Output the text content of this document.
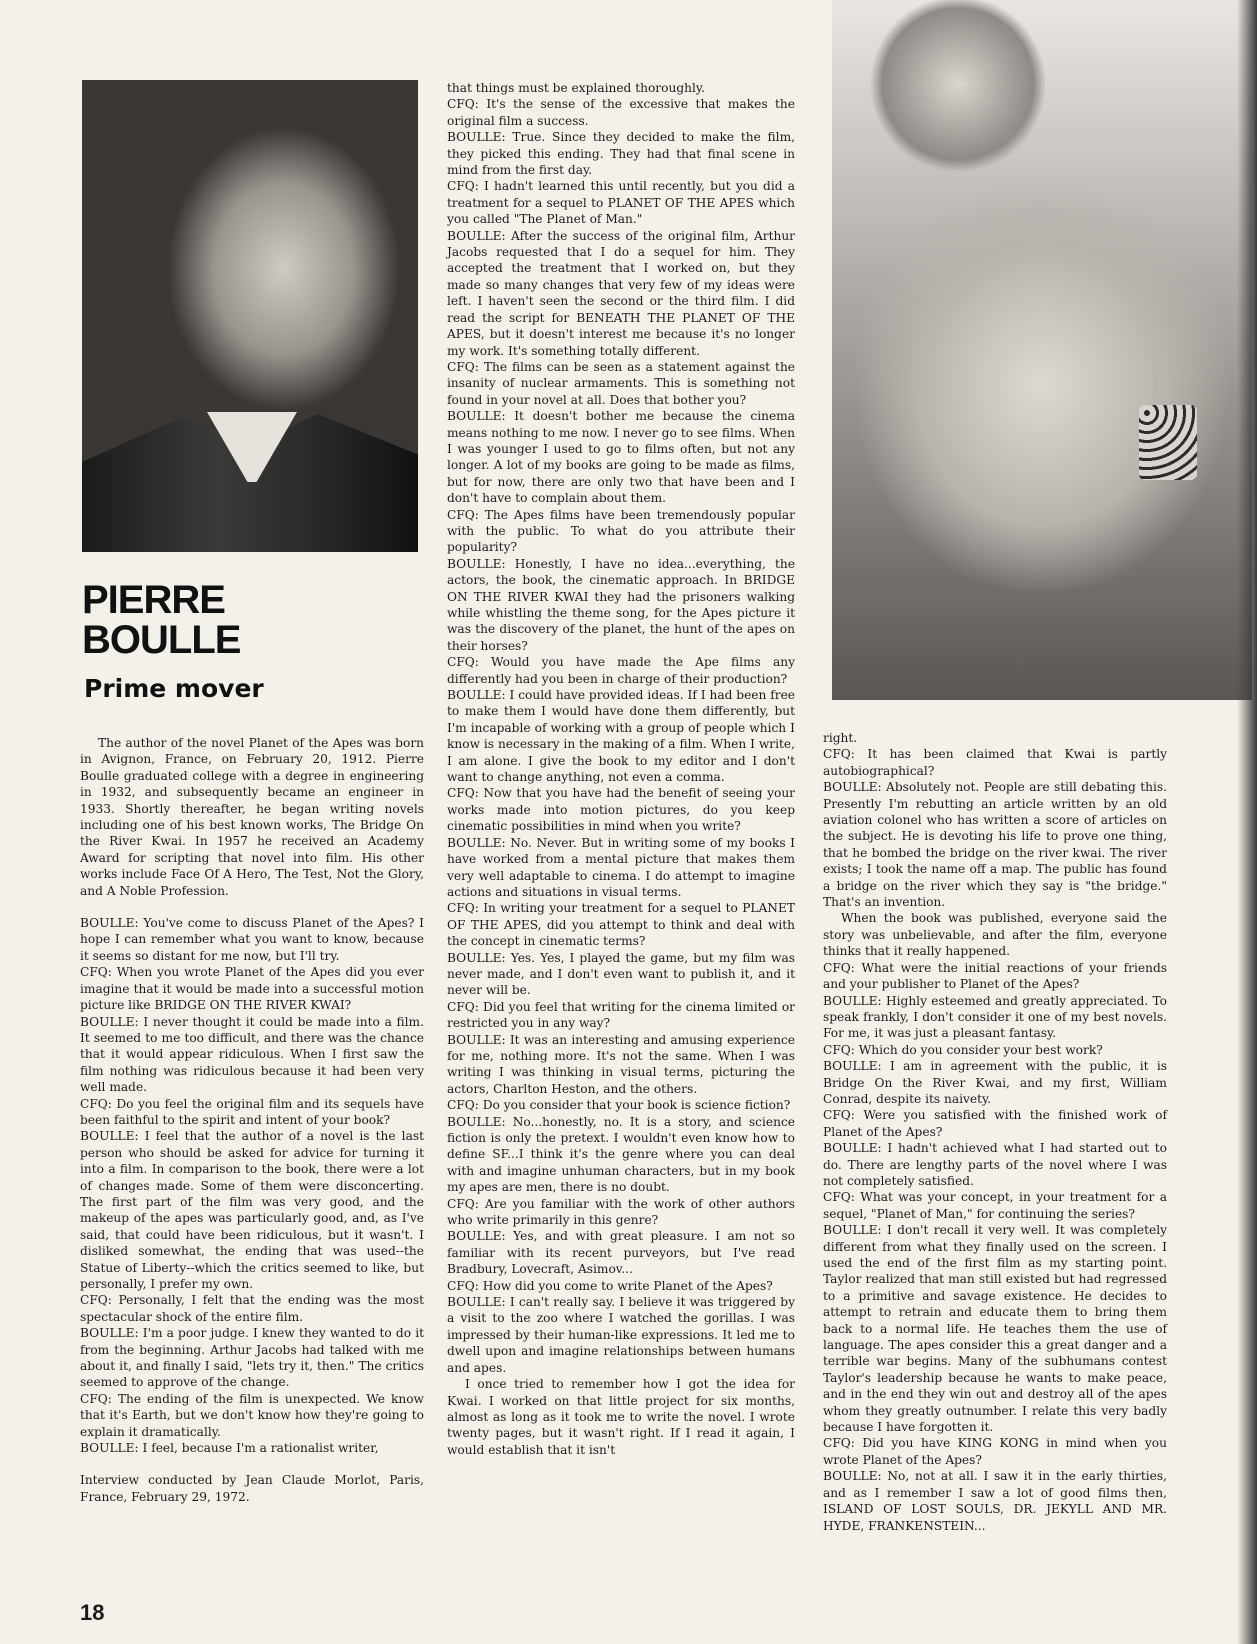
PIERRE
BOULLE
Prime mover

The author of the novel Planet of the Apes was born in Avignon, France, on February 20, 1912. Pierre Boulle graduated college with a degree in engineering in 1932, and subsequently became an engineer in 1933. Shortly thereafter, he began writing novels including one of his best known works, The Bridge On the River Kwai. In 1957 he received an Academy Award for scripting that novel into film. His other works include Face Of A Hero, The Test, Not the Glory, and A Noble Profession.

BOULLE: You've come to discuss Planet of the Apes? I hope I can remember what you want to know, because it seems so distant for me now, but I'll try.

CFQ: When you wrote Planet of the Apes did you ever imagine that it would be made into a successful motion picture like BRIDGE ON THE RIVER KWAI?

BOULLE: I never thought it could be made into a film. It seemed to me too difficult, and there was the chance that it would appear ridiculous. When I first saw the film nothing was ridiculous because it had been very well made.

CFQ: Do you feel the original film and its sequels have been faithful to the spirit and intent of your book?

BOULLE: I feel that the author of a novel is the last person who should be asked for advice for turning it into a film. In comparison to the book, there were a lot of changes made. Some of them were disconcerting. The first part of the film was very good, and the makeup of the apes was particularly good, and, as I've said, that could have been ridiculous, but it wasn't. I disliked somewhat, the ending that was used--the Statue of Liberty--which the critics seemed to like, but personally, I prefer my own.

CFQ: Personally, I felt that the ending was the most spectacular shock of the entire film.

BOULLE: I'm a poor judge. I knew they wanted to do it from the beginning. Arthur Jacobs had talked with me about it, and finally I said, "lets try it, then." The critics seemed to approve of the change.

CFQ: The ending of the film is unexpected. We know that it's Earth, but we don't know how they're going to explain it dramatically.

BOULLE: I feel, because I'm a rationalist writer,

Interview conducted by Jean Claude Morlot, Paris, France, February 29, 1972.

that things must be explained thoroughly.

CFQ: It's the sense of the excessive that makes the original film a success.

BOULLE: True. Since they decided to make the film, they picked this ending. They had that final scene in mind from the first day.

CFQ: I hadn't learned this until recently, but you did a treatment for a sequel to PLANET OF THE APES which you called "The Planet of Man."

BOULLE: After the success of the original film, Arthur Jacobs requested that I do a sequel for him. They accepted the treatment that I worked on, but they made so many changes that very few of my ideas were left. I haven't seen the second or the third film. I did read the script for BENEATH THE PLANET OF THE APES, but it doesn't interest me because it's no longer my work. It's something totally different.

CFQ: The films can be seen as a statement against the insanity of nuclear armaments. This is something not found in your novel at all. Does that bother you?

BOULLE: It doesn't bother me because the cinema means nothing to me now. I never go to see films. When I was younger I used to go to films often, but not any longer. A lot of my books are going to be made as films, but for now, there are only two that have been and I don't have to complain about them.

CFQ: The Apes films have been tremendously popular with the public. To what do you attribute their popularity?

BOULLE: Honestly, I have no idea...everything, the actors, the book, the cinematic approach. In BRIDGE ON THE RIVER KWAI they had the prisoners walking while whistling the theme song, for the Apes picture it was the discovery of the planet, the hunt of the apes on their horses?

CFQ: Would you have made the Ape films any differently had you been in charge of their production?

BOULLE: I could have provided ideas. If I had been free to make them I would have done them differently, but I'm incapable of working with a group of people which I know is necessary in the making of a film. When I write, I am alone. I give the book to my editor and I don't want to change anything, not even a comma.

CFQ: Now that you have had the benefit of seeing your works made into motion pictures, do you keep cinematic possibilities in mind when you write?

BOULLE: No. Never. But in writing some of my books I have worked from a mental picture that makes them very well adaptable to cinema. I do attempt to imagine actions and situations in visual terms.

CFQ: In writing your treatment for a sequel to PLANET OF THE APES, did you attempt to think and deal with the concept in cinematic terms?

BOULLE: Yes. Yes, I played the game, but my film was never made, and I don't even want to publish it, and it never will be.

CFQ: Did you feel that writing for the cinema limited or restricted you in any way?

BOULLE: It was an interesting and amusing experience for me, nothing more. It's not the same. When I was writing I was thinking in visual terms, picturing the actors, Charlton Heston, and the others.

CFQ: Do you consider that your book is science fiction?

BOULLE: No...honestly, no. It is a story, and science fiction is only the pretext. I wouldn't even know how to define SF...I think it's the genre where you can deal with and imagine unhuman characters, but in my book my apes are men, there is no doubt.

CFQ: Are you familiar with the work of other authors who write primarily in this genre?

BOULLE: Yes, and with great pleasure. I am not so familiar with its recent purveyors, but I've read Bradbury, Lovecraft, Asimov...

CFQ: How did you come to write Planet of the Apes?

BOULLE: I can't really say. I believe it was triggered by a visit to the zoo where I watched the gorillas. I was impressed by their human-like expressions. It led me to dwell upon and imagine relationships between humans and apes.

I once tried to remember how I got the idea for Kwai. I worked on that little project for six months, almost as long as it took me to write the novel. I wrote twenty pages, but it wasn't right. If I read it again, I would establish that it isn't

right.

CFQ: It has been claimed that Kwai is partly autobiographical?

BOULLE: Absolutely not. People are still debating this. Presently I'm rebutting an article written by an old aviation colonel who has written a score of articles on the subject. He is devoting his life to prove one thing, that he bombed the bridge on the river kwai. The river exists; I took the name off a map. The public has found a bridge on the river which they say is "the bridge." That's an invention.

When the book was published, everyone said the story was unbelievable, and after the film, everyone thinks that it really happened.

CFQ: What were the initial reactions of your friends and your publisher to Planet of the Apes?

BOULLE: Highly esteemed and greatly appreciated. To speak frankly, I don't consider it one of my best novels. For me, it was just a pleasant fantasy.

CFQ: Which do you consider your best work?

BOULLE: I am in agreement with the public, it is Bridge On the River Kwai, and my first, William Conrad, despite its naivety.

CFQ: Were you satisfied with the finished work of Planet of the Apes?

BOULLE: I hadn't achieved what I had started out to do. There are lengthy parts of the novel where I was not completely satisfied.

CFQ: What was your concept, in your treatment for a sequel, "Planet of Man," for continuing the series?

BOULLE: I don't recall it very well. It was completely different from what they finally used on the screen. I used the end of the first film as my starting point. Taylor realized that man still existed but had regressed to a primitive and savage existence. He decides to attempt to retrain and educate them to bring them back to a normal life. He teaches them the use of language. The apes consider this a great danger and a terrible war begins. Many of the subhumans contest Taylor's leadership because he wants to make peace, and in the end they win out and destroy all of the apes whom they greatly outnumber. I relate this very badly because I have forgotten it.

CFQ: Did you have KING KONG in mind when you wrote Planet of the Apes?

BOULLE: No, not at all. I saw it in the early thirties, and as I remember I saw a lot of good films then, ISLAND OF LOST SOULS, DR. JEKYLL AND MR. HYDE, FRANKENSTEIN...

18
